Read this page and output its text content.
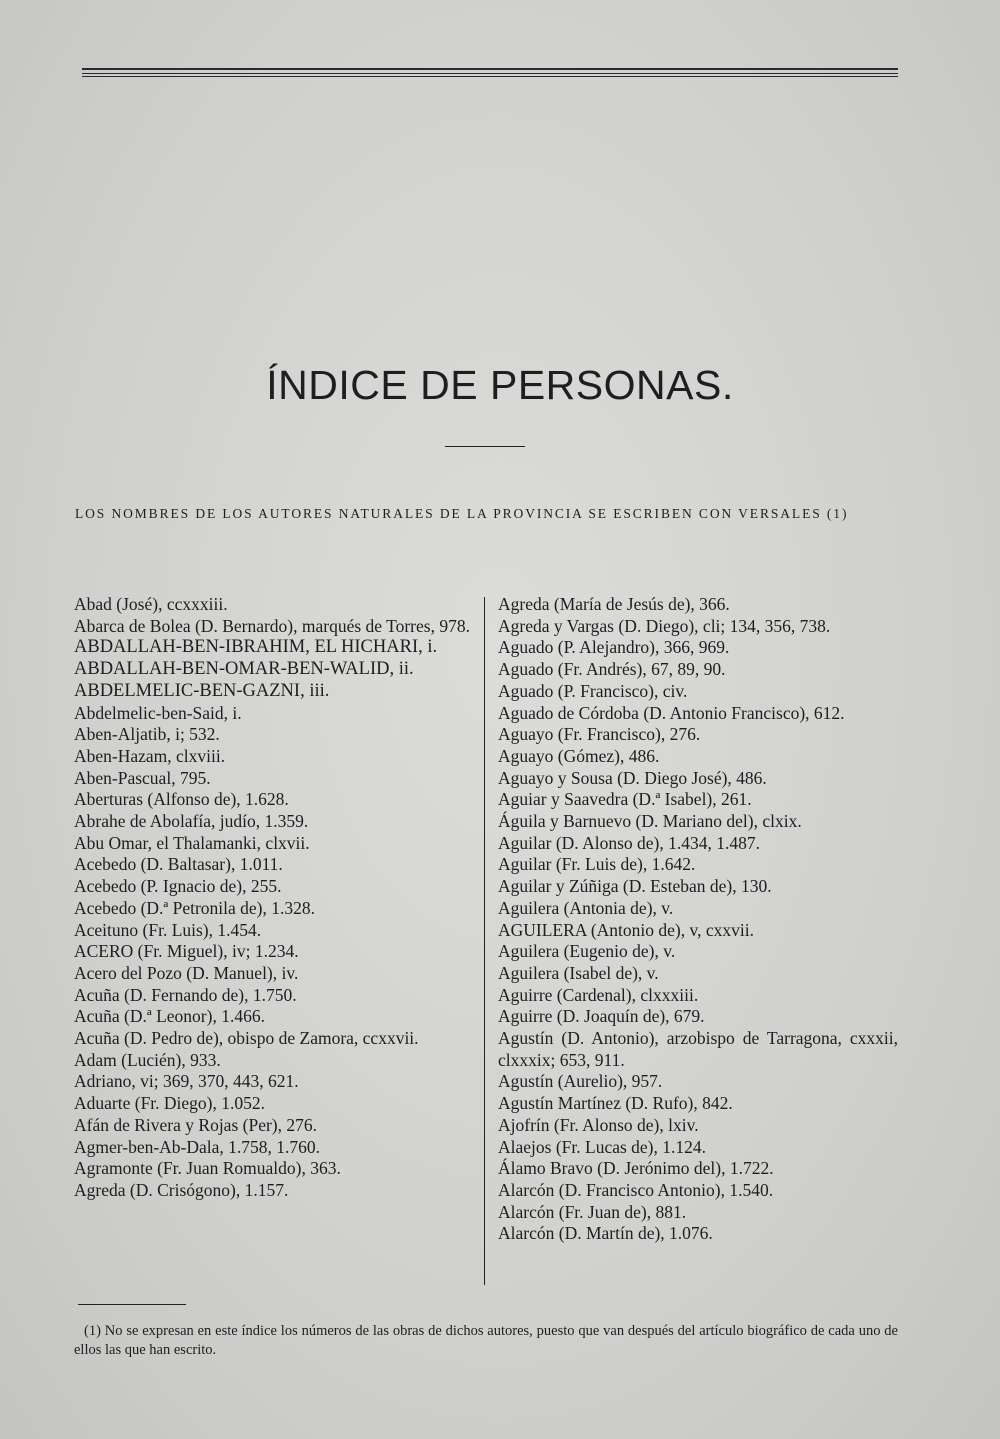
ÍNDICE DE PERSONAS.

LOS NOMBRES DE LOS AUTORES NATURALES DE LA PROVINCIA SE ESCRIBEN CON VERSALES (1)

Abad (José), ccxxxiii.
Abarca de Bolea (D. Bernardo), marqués de Torres, 978.
ABDALLAH-BEN-IBRAHIM, EL HICHARI, i.
ABDALLAH-BEN-OMAR-BEN-WALID, ii.
ABDELMELIC-BEN-GAZNI, iii.
Abdelmelic-ben-Said, i.
Aben-Aljatib, i; 532.
Aben-Hazam, clxviii.
Aben-Pascual, 795.
Aberturas (Alfonso de), 1.628.
Abrahe de Abolafía, judío, 1.359.
Abu Omar, el Thalamanki, clxvii.
Acebedo (D. Baltasar), 1.011.
Acebedo (P. Ignacio de), 255.
Acebedo (D.ª Petronila de), 1.328.
Aceituno (Fr. Luis), 1.454.
ACERO (Fr. Miguel), iv; 1.234.
Acero del Pozo (D. Manuel), iv.
Acuña (D. Fernando de), 1.750.
Acuña (D.ª Leonor), 1.466.
Acuña (D. Pedro de), obispo de Zamora, ccxxvii.
Adam (Lucién), 933.
Adriano, vi; 369, 370, 443, 621.
Aduarte (Fr. Diego), 1.052.
Afán de Rivera y Rojas (Per), 276.
Agmer-ben-Ab-Dala, 1.758, 1.760.
Agramonte (Fr. Juan Romualdo), 363.
Agreda (D. Crisógono), 1.157.
Agreda (María de Jesús de), 366.
Agreda y Vargas (D. Diego), cli; 134, 356, 738.
Aguado (P. Alejandro), 366, 969.
Aguado (Fr. Andrés), 67, 89, 90.
Aguado (P. Francisco), civ.
Aguado de Córdoba (D. Antonio Francisco), 612.
Aguayo (Fr. Francisco), 276.
Aguayo (Gómez), 486.
Aguayo y Sousa (D. Diego José), 486.
Aguiar y Saavedra (D.ª Isabel), 261.
Águila y Barnuevo (D. Mariano del), clxix.
Aguilar (D. Alonso de), 1.434, 1.487.
Aguilar (Fr. Luis de), 1.642.
Aguilar y Zúñiga (D. Esteban de), 130.
Aguilera (Antonia de), v.
AGUILERA (Antonio de), v, cxxvii.
Aguilera (Eugenio de), v.
Aguilera (Isabel de), v.
Aguirre (Cardenal), clxxxiii.
Aguirre (D. Joaquín de), 679.
Agustín (D. Antonio), arzobispo de Tarragona, cxxxii, clxxxix; 653, 911.
Agustín (Aurelio), 957.
Agustín Martínez (D. Rufo), 842.
Ajofrín (Fr. Alonso de), lxiv.
Alaejos (Fr. Lucas de), 1.124.
Álamo Bravo (D. Jerónimo del), 1.722.
Alarcón (D. Francisco Antonio), 1.540.
Alarcón (Fr. Juan de), 881.
Alarcón (D. Martín de), 1.076.

(1) No se expresan en este índice los números de las obras de dichos autores, puesto que van después del artículo biográfico de cada uno de ellos las que han escrito.
